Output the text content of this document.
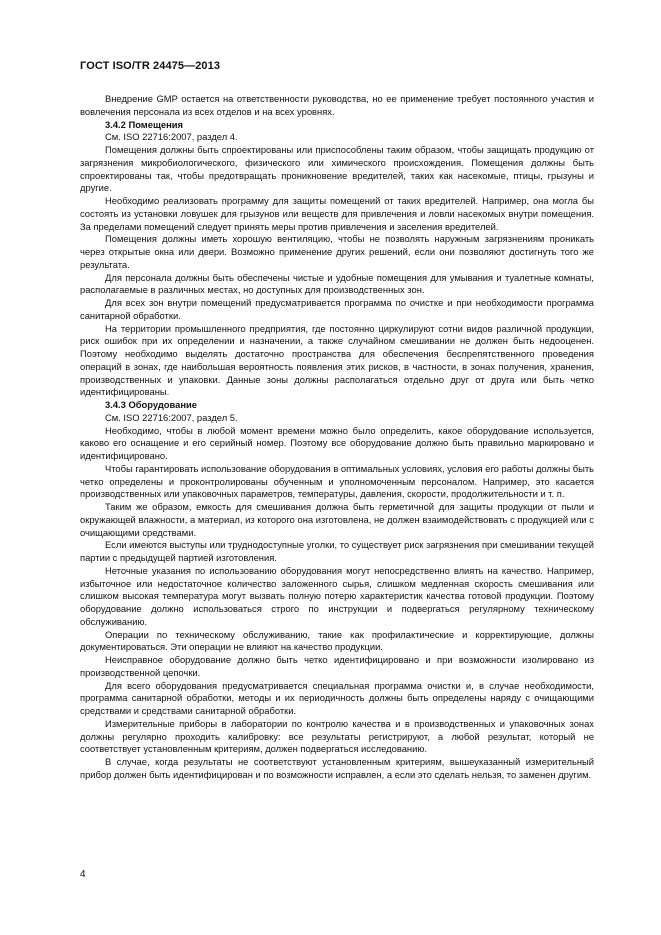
ГОСТ ISO/TR 24475—2013

Внедрение GMP остается на ответственности руководства, но ее применение требует постоянного участия и вовлечения персонала из всех отделов и на всех уровнях.

3.4.2 Помещения

См. ISO 22716:2007, раздел 4.

Помещения должны быть спроектированы или приспособлены таким образом, чтобы защищать продукцию от загрязнения микробиологического, физического или химического происхождения. Помещения должны быть спроектированы так, чтобы предотвращать проникновение вредителей, таких как насекомые, птицы, грызуны и другие.

Необходимо реализовать программу для защиты помещений от таких вредителей. Например, она могла бы состоять из установки ловушек для грызунов или веществ для привлечения и ловли насекомых внутри помещения. За пределами помещений следует принять меры против привлечения и заселения вредителей.

Помещения должны иметь хорошую вентиляцию, чтобы не позволять наружным загрязнениям проникать через открытые окна или двери. Возможно применение других решений, если они позволяют достигнуть того же результата.

Для персонала должны быть обеспечены чистые и удобные помещения для умывания и туалетные комнаты, располагаемые в различных местах, но доступных для производственных зон.

Для всех зон внутри помещений предусматривается программа по очистке и при необходимости программа санитарной обработки.

На территории промышленного предприятия, где постоянно циркулируют сотни видов различной продукции, риск ошибок при их определении и назначении, а также случайном смешивании не должен быть недооценен. Поэтому необходимо выделять достаточно пространства для обеспечения беспрепятственного проведения операций в зонах, где наибольшая вероятность появления этих рисков, в частности, в зонах получения, хранения, производственных и упаковки. Данные зоны должны располагаться отдельно друг от друга или быть четко идентифицированы.

3.4.3 Оборудование

См. ISO 22716:2007, раздел 5.

Необходимо, чтобы в любой момент времени можно было определить, какое оборудование используется, каково его оснащение и его серийный номер. Поэтому все оборудование должно быть правильно маркировано и идентифицировано.

Чтобы гарантировать использование оборудования в оптимальных условиях, условия его работы должны быть четко определены и проконтролированы обученным и уполномоченным персоналом. Например, это касается производственных или упаковочных параметров, температуры, давления, скорости, продолжительности и т. п.

Таким же образом, емкость для смешивания должна быть герметичной для защиты продукции от пыли и окружающей влажности, а материал, из которого она изготовлена, не должен взаимодействовать с продукцией или с очищающими средствами.

Если имеются выступы или труднодоступные уголки, то существует риск загрязнения при смешивании текущей партии с предыдущей партией изготовления.

Неточные указания по использованию оборудования могут непосредственно влиять на качество. Например, избыточное или недостаточное количество заложенного сырья, слишком медленная скорость смешивания или слишком высокая температура могут вызвать полную потерю характеристик качества готовой продукции. Поэтому оборудование должно использоваться строго по инструкции и подвергаться регулярному техническому обслуживанию.

Операции по техническому обслуживанию, такие как профилактические и корректирующие, должны документироваться. Эти операции не влияют на качество продукции.

Неисправное оборудование должно быть четко идентифицировано и при возможности изолировано из производственной цепочки.

Для всего оборудования предусматривается специальная программа очистки и, в случае необходимости, программа санитарной обработки, методы и их периодичность должны быть определены наряду с очищающими средствами и средствами санитарной обработки.

Измерительные приборы в лаборатории по контролю качества и в производственных и упаковочных зонах должны регулярно проходить калибровку: все результаты регистрируют, а любой результат, который не соответствует установленным критериям, должен подвергаться исследованию.

В случае, когда результаты не соответствуют установленным критериям, вышеуказанный измерительный прибор должен быть идентифицирован и по возможности исправлен, а если это сделать нельзя, то заменен другим.

4
